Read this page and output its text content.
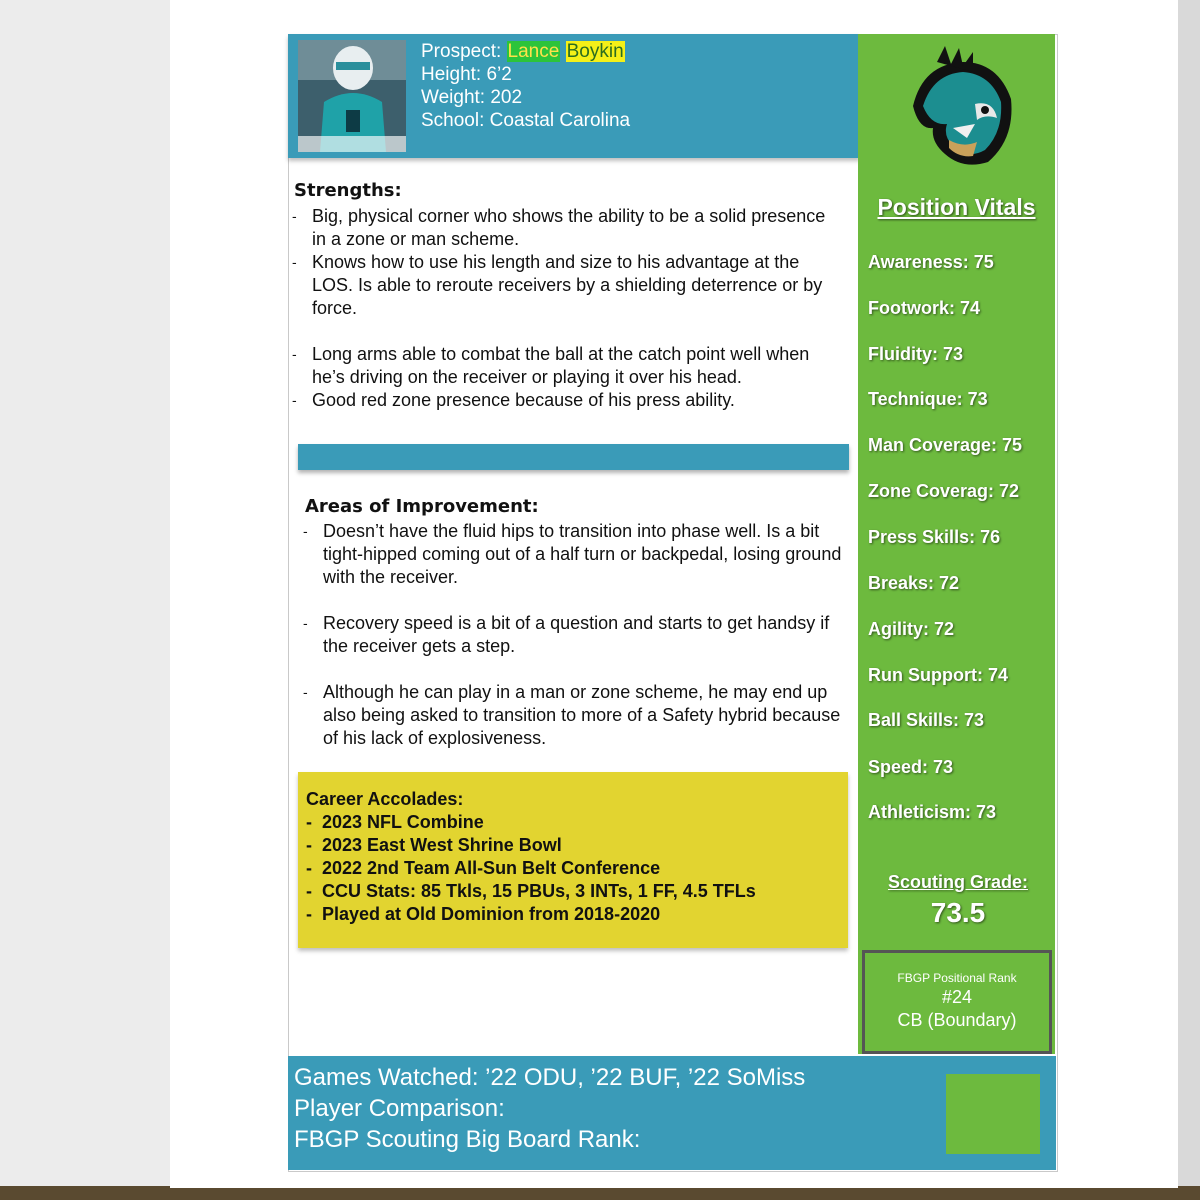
Prospect: Lance Boykin
Height: 6’2
Weight: 202
School: Coastal Carolina
Strengths:
- Big, physical corner who shows the ability to be a solid presence in a zone or man scheme.
- Knows how to use his length and size to his advantage at the LOS. Is able to reroute receivers by a shielding deterrence or by force.
- Long arms able to combat the ball at the catch point well when he’s driving on the receiver or playing it over his head.
- Good red zone presence because of his press ability.
Areas of Improvement:
- Doesn’t have the fluid hips to transition into phase well. Is a bit tight-hipped coming out of a half turn or backpedal, losing ground with the receiver.
- Recovery speed is a bit of a question and starts to get handsy if the receiver gets a step.
- Although he can play in a man or zone scheme, he may end up also being asked to transition to more of a Safety hybrid because of his lack of explosiveness.
Career Accolades:
- 2023 NFL Combine
- 2023 East West Shrine Bowl
- 2022 2nd Team All-Sun Belt Conference
- CCU Stats: 85 Tkls, 15 PBUs, 3 INTs, 1 FF, 4.5 TFLs
- Played at Old Dominion from 2018-2020
Position Vitals
Awareness: 75
Footwork: 74
Fluidity: 73
Technique: 73
Man Coverage: 75
Zone Coverag: 72
Press Skills: 76
Breaks: 72
Agility: 72
Run Support: 74
Ball Skills: 73
Speed: 73
Athleticism: 73
Scouting Grade:
73.5
FBGP Positional Rank
#24
CB (Boundary)
Games Watched: ’22 ODU, ’22 BUF, ’22 SoMiss
Player Comparison:
FBGP Scouting Big Board Rank:
